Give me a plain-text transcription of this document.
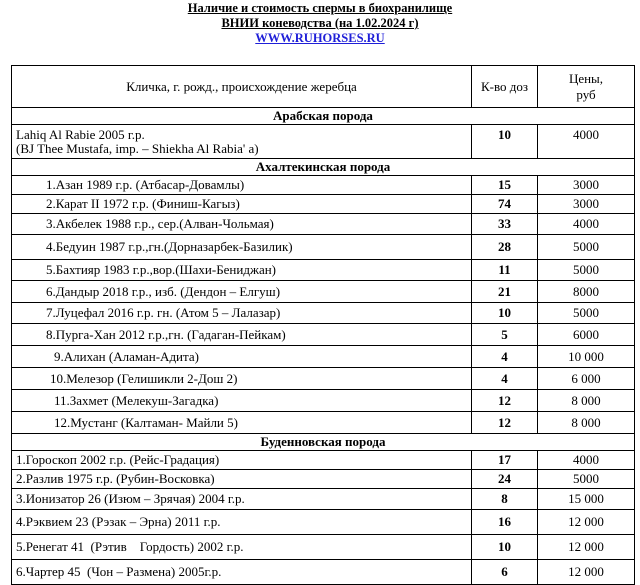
Наличие и стоимость спермы в биохранилище
ВНИИ коневодства (на 1.02.2024 г)
WWW.RUHORSES.RU
Кличка, г. рожд., происхождение жеребца	К-во доз	Цены,
руб
Арабская порода		
Lahiq Al Rabie 2005 г.р.
(BJ Thee Mustafa, imp. – Shiekha Al Rabia' a)	10	4000
Ахалтекинская порода		
1.Азан 1989 г.р. (Атбасар-Довамлы)	15	3000
2.Карат II 1972 г.р. (Финиш-Кагыз)	74	3000
3.Акбелек 1988 г.р., сер.(Алван-Чольмая)	33	4000
4.Бедуин 1987 г.р.,гн.(Дорназарбек-Базилик)	28	5000
5.Бахтияр 1983 г.р.,вор.(Шахи-Бениджан)	11	5000
6.Дандыр 2018 г.р., изб. (Дендон – Елгуш)	21	8000
7.Луцефал 2016 г.р. гн. (Атом 5 – Лалазар)	10	5000
8.Пурга-Хан 2012 г.р.,гн. (Гадаган-Пейкам)	5	6000
9.Алихан (Аламан-Адита)	4	10 000
10.Мелезор (Гелишикли 2-Дош 2)	4	6 000
11.Захмет (Мелекуш-Загадка)	12	8 000
12.Мустанг (Калтаман- Майли 5)	12	8 000
Буденновская порода		
1.Гороскоп 2002 г.р. (Рейс-Градация)	17	4000
2.Разлив 1975 г.р. (Рубин-Восковка)	24	5000
3.Ионизатор 26 (Изюм – Зрячая) 2004 г.р.	8	15 000
4.Рэквием 23 (Рэзак – Эрна) 2011 г.р.	16	12 000
5.Ренегат 41  (Рэтив    Гордость) 2002 г.р.	10	12 000
6.Чартер 45  (Чон – Размена) 2005г.р.	6	12 000
